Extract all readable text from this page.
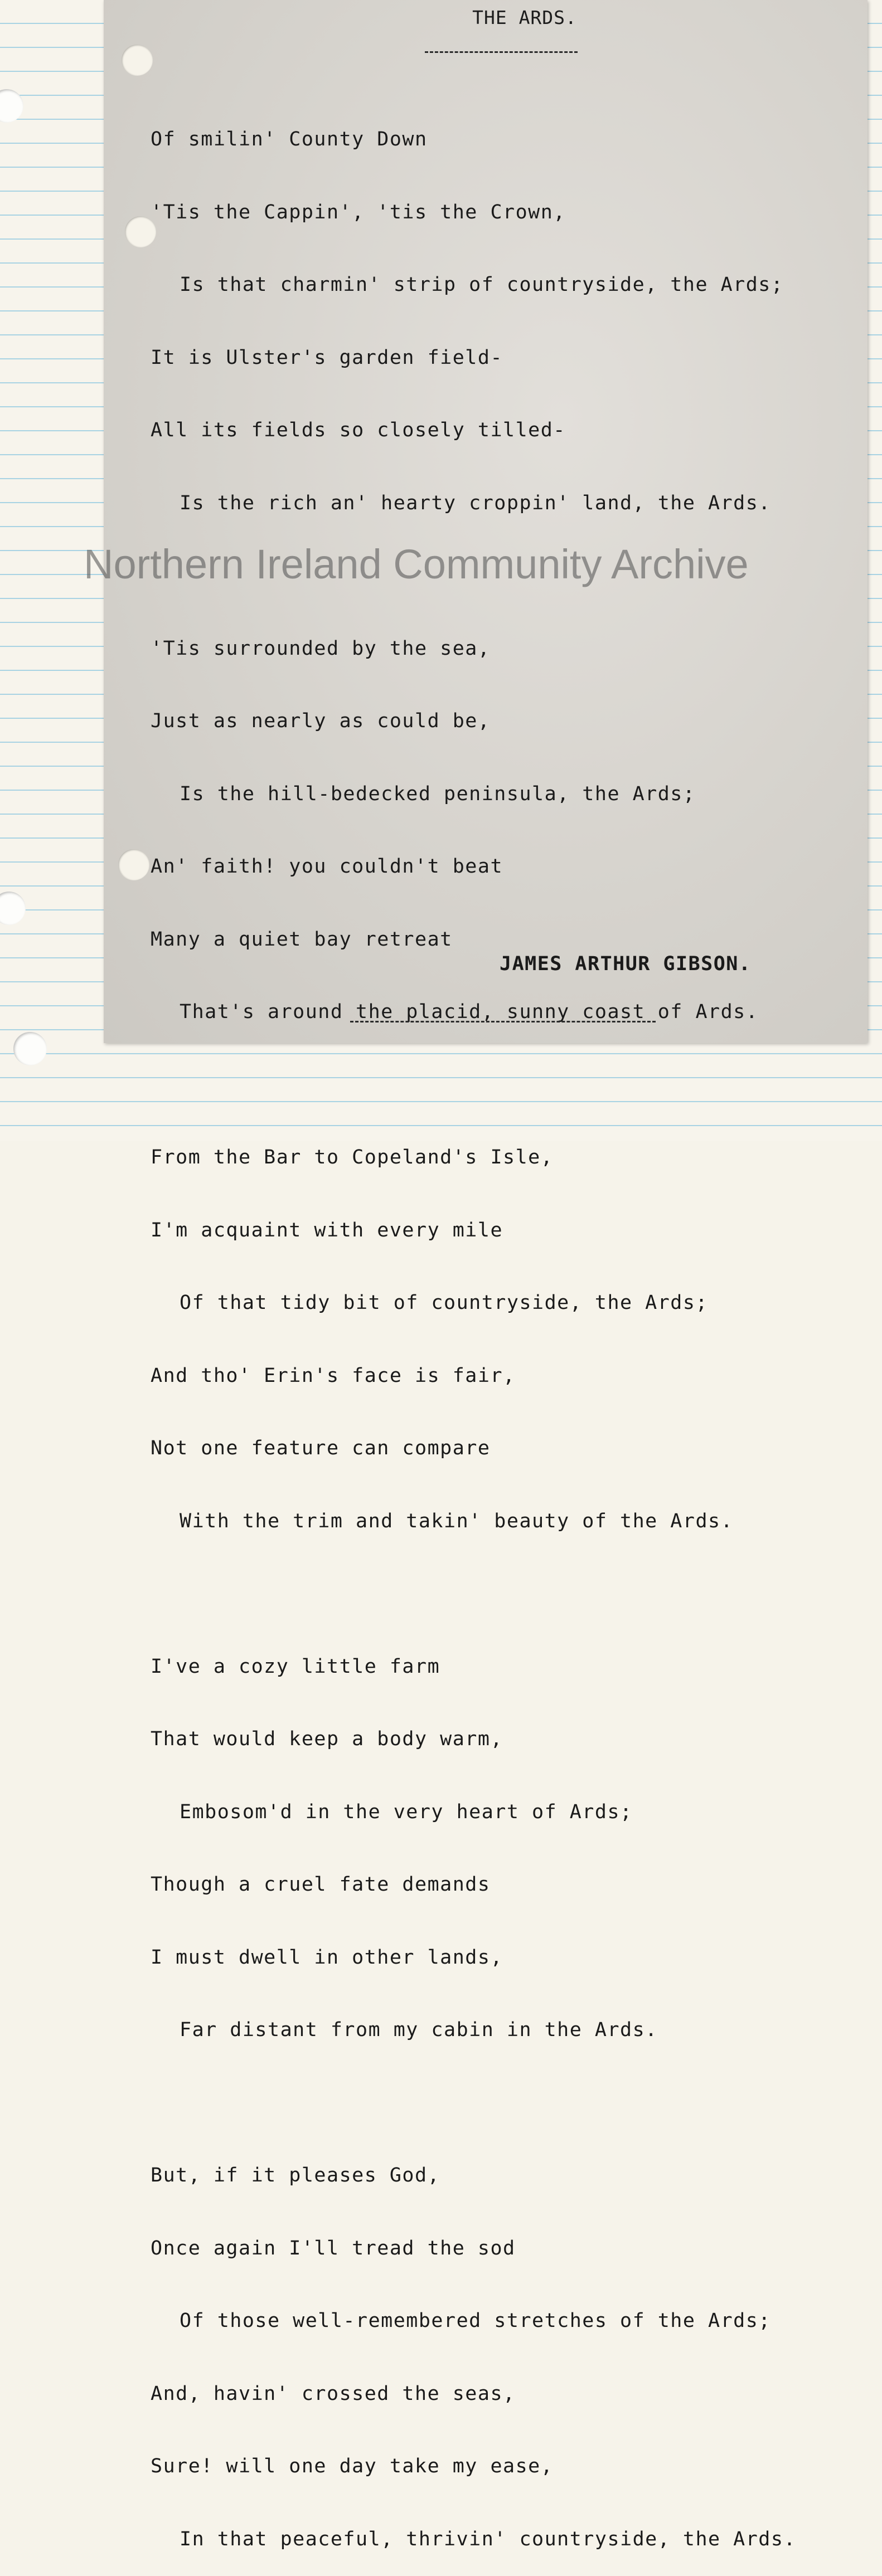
THE ARDS.

Of smilin' County Down

'Tis the Cappin', 'tis the Crown,

Is that charmin' strip of countryside, the Ards;

It is Ulster's garden field-

All its fields so closely tilled-

Is the rich an' hearty croppin' land, the Ards.

'Tis surrounded by the sea,

Just as nearly as could be,

Is the hill-bedecked peninsula, the Ards;

An' faith! you couldn't beat

Many a quiet bay retreat

That's around the placid, sunny coast of Ards.

From the Bar to Copeland's Isle,

I'm acquaint with every mile

Of that tidy bit of countryside, the Ards;

And tho' Erin's face is fair,

Not one feature can compare

With the trim and takin' beauty of the Ards.

I've a cozy little farm

That would keep a body warm,

Embosom'd in the very heart of Ards;

Though a cruel fate demands

I must dwell in other lands,

Far distant from my cabin in the Ards.

But, if it pleases God,

Once again I'll tread the sod

Of those well-remembered stretches of the Ards;

And, havin' crossed the seas,

Sure! will one day take my ease,

In that peaceful, thrivin' countryside, the Ards.

JAMES ARTHUR GIBSON.
Northern Ireland Community Archive
